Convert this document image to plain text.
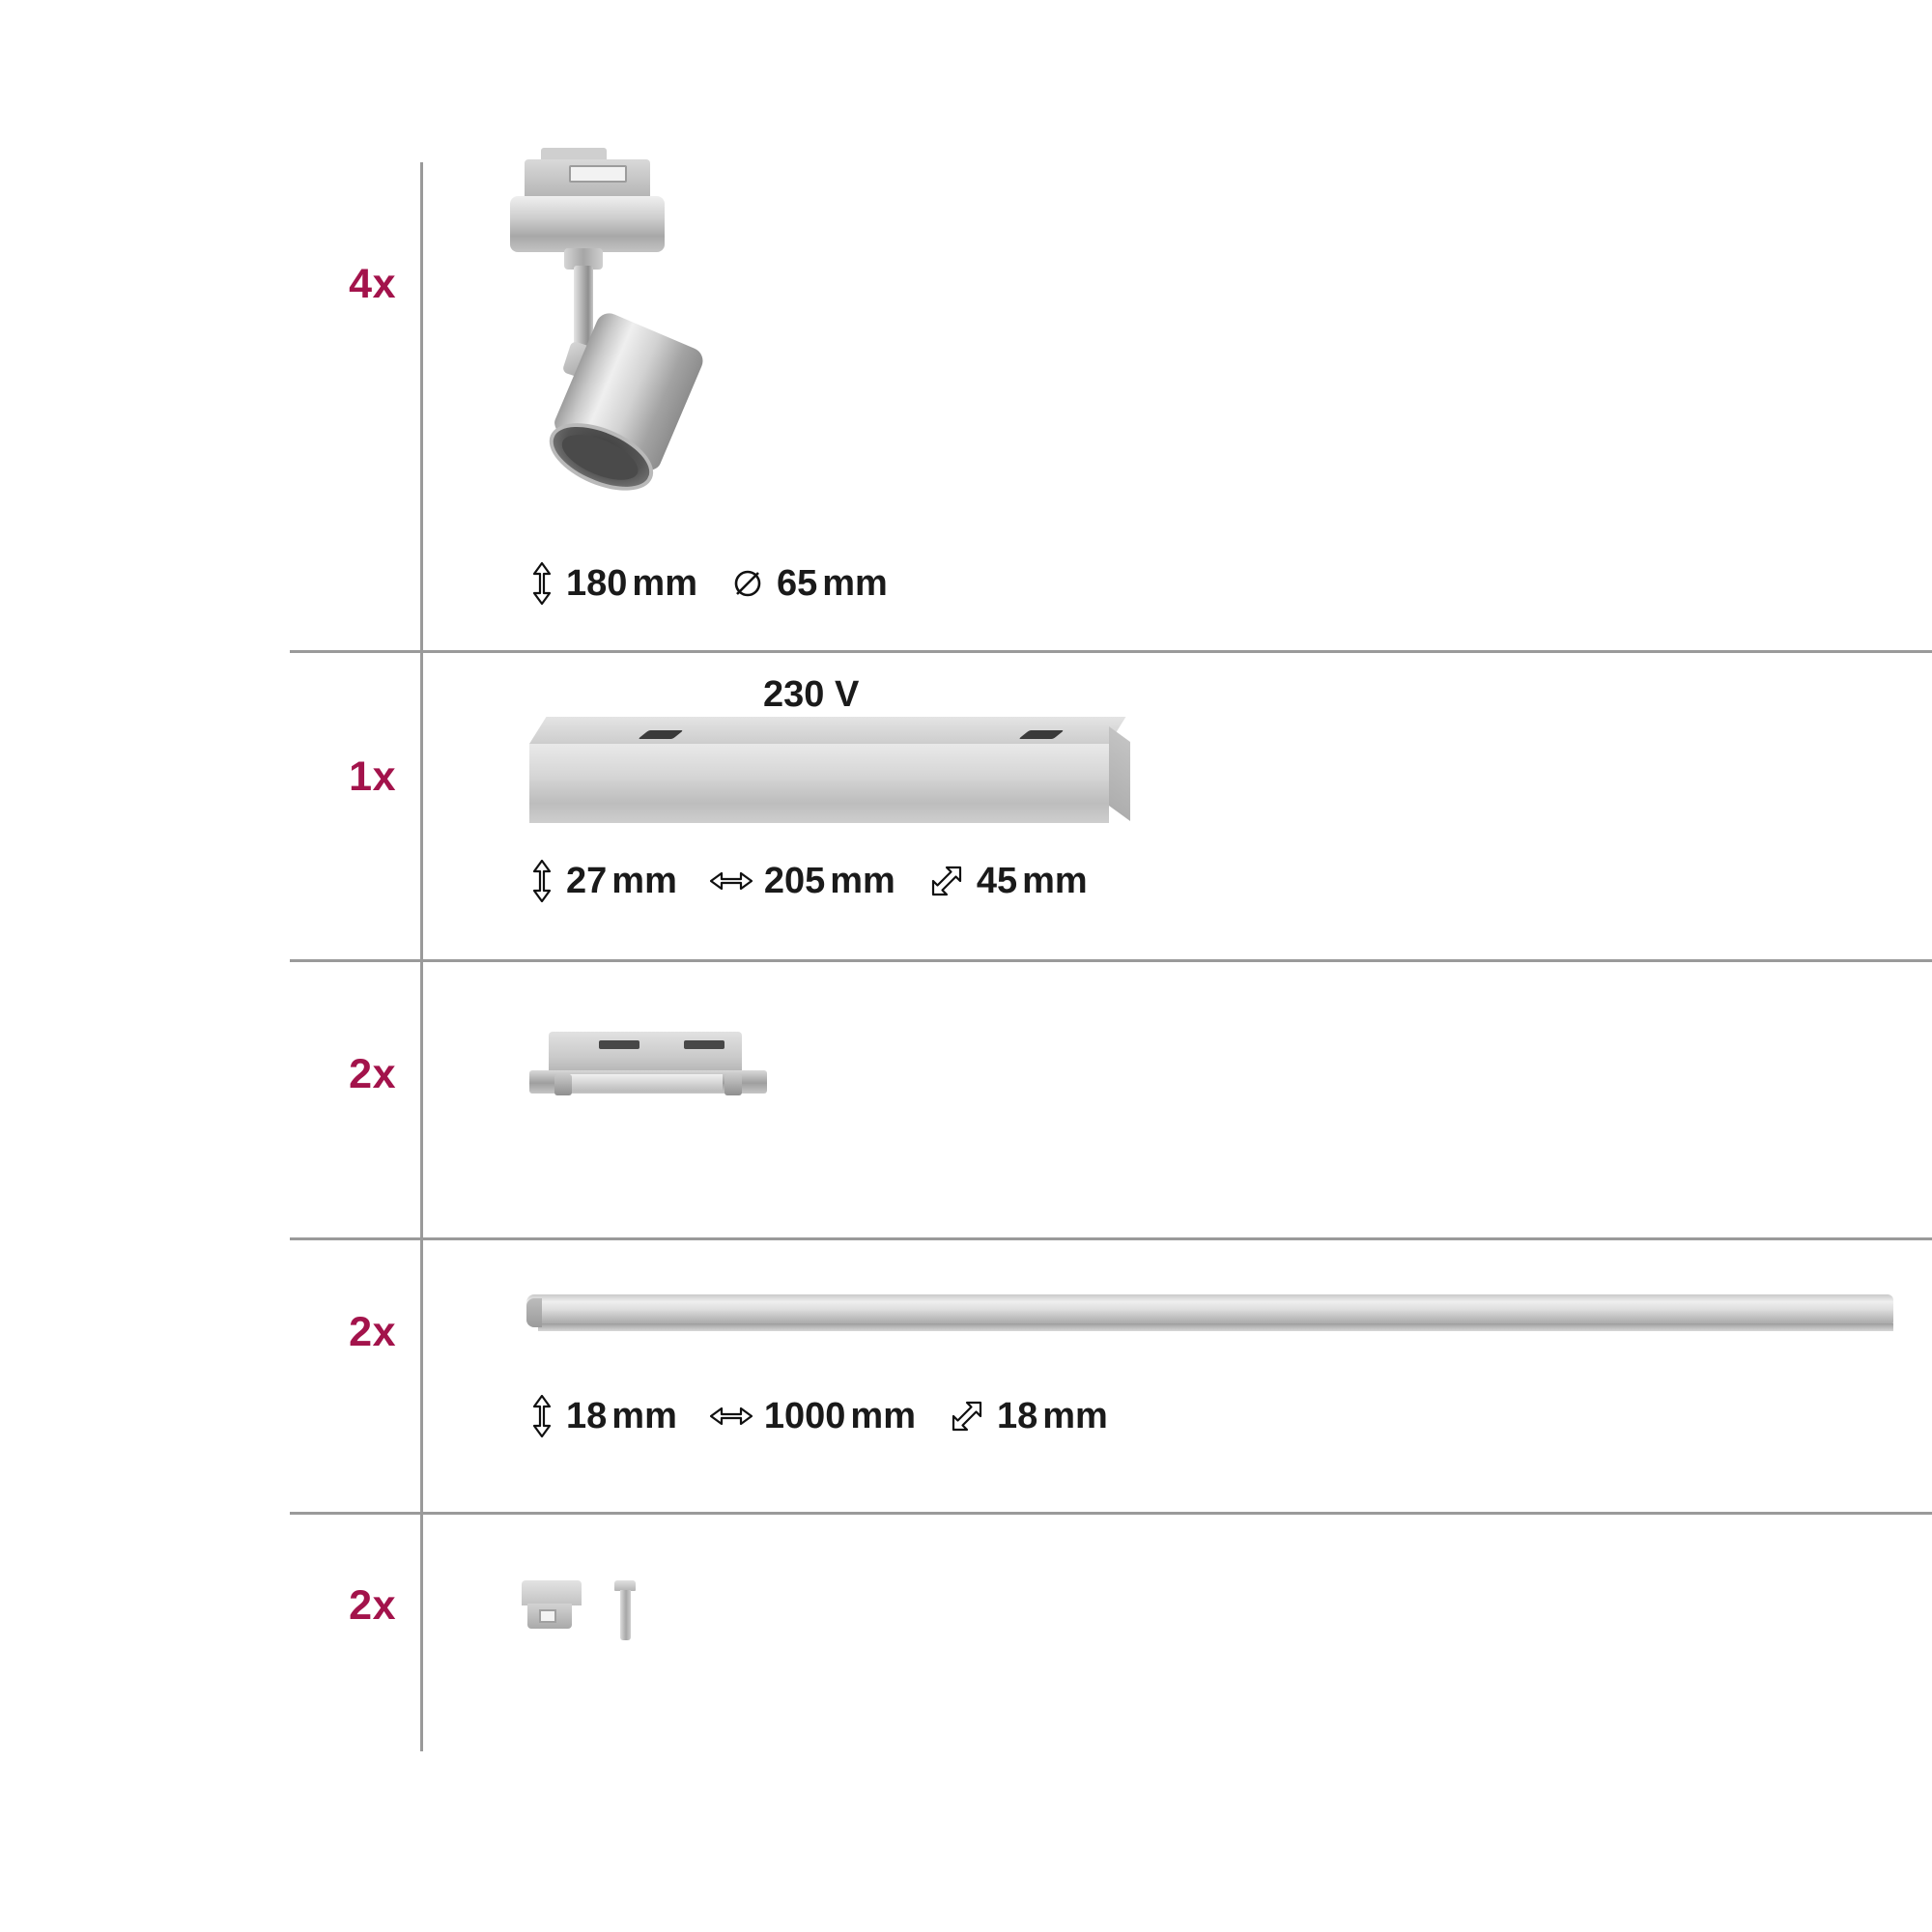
4x
180 mm 65 mm
1x
230 V
27 mm 205 mm 45 mm
2x
2x
18 mm 1000 mm 18 mm
2x
